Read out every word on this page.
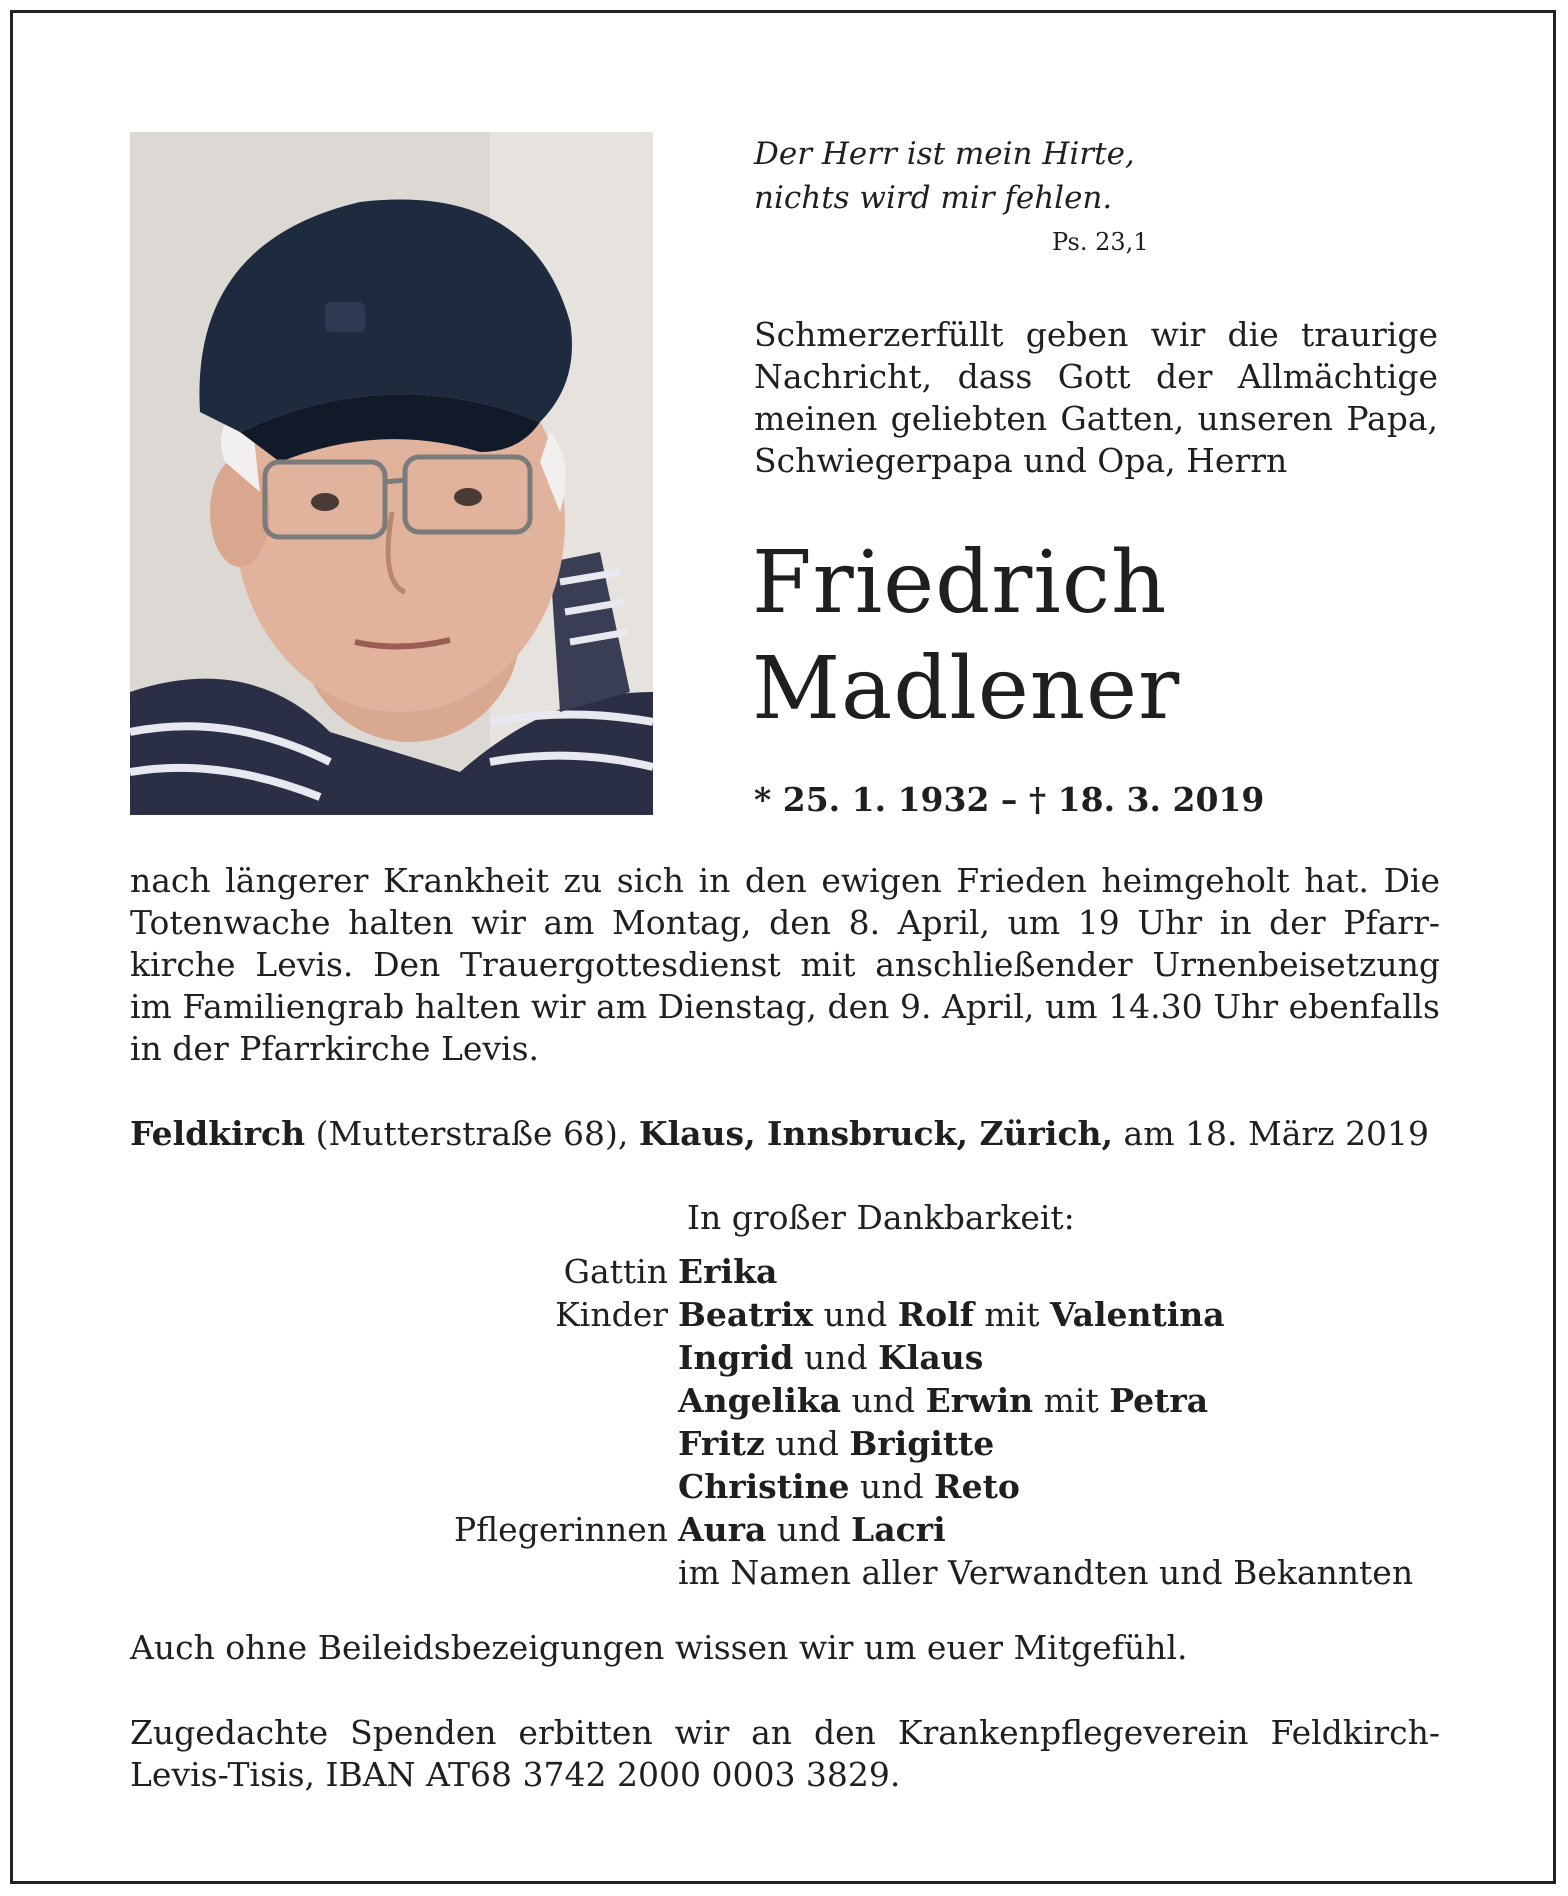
Der Herr ist mein Hirte,
nichts wird mir fehlen.
Ps. 23,1
Schmerzerfüllt geben wir die traurige
Nachricht, dass Gott der Allmächtige
meinen geliebten Gatten, unseren Papa,
Schwiegerpapa und Opa, Herrn
Friedrich
Madlener
* 25. 1. 1932 – † 18. 3. 2019
nach längerer Krankheit zu sich in den ewigen Frieden heimgeholt hat. Die
Totenwache halten wir am Montag, den 8. April, um 19 Uhr in der Pfarr-
kirche Levis. Den Trauergottesdienst mit anschließender Urnenbeisetzung
im Familiengrab halten wir am Dienstag, den 9. April, um 14.30 Uhr ebenfalls
in der Pfarrkirche Levis.
Feldkirch (Mutterstraße 68), Klaus, Innsbruck, Zürich, am 18. März 2019
In großer Dankbarkeit:
Gattin Erika
Kinder Beatrix und Rolf mit Valentina
Ingrid und Klaus
Angelika und Erwin mit Petra
Fritz und Brigitte
Christine und Reto
Pflegerinnen Aura und Lacri
im Namen aller Verwandten und Bekannten
Auch ohne Beileidsbezeigungen wissen wir um euer Mitgefühl.
Zugedachte Spenden erbitten wir an den Krankenpflegeverein Feldkirch-
Levis-Tisis, IBAN AT68 3742 2000 0003 3829.
